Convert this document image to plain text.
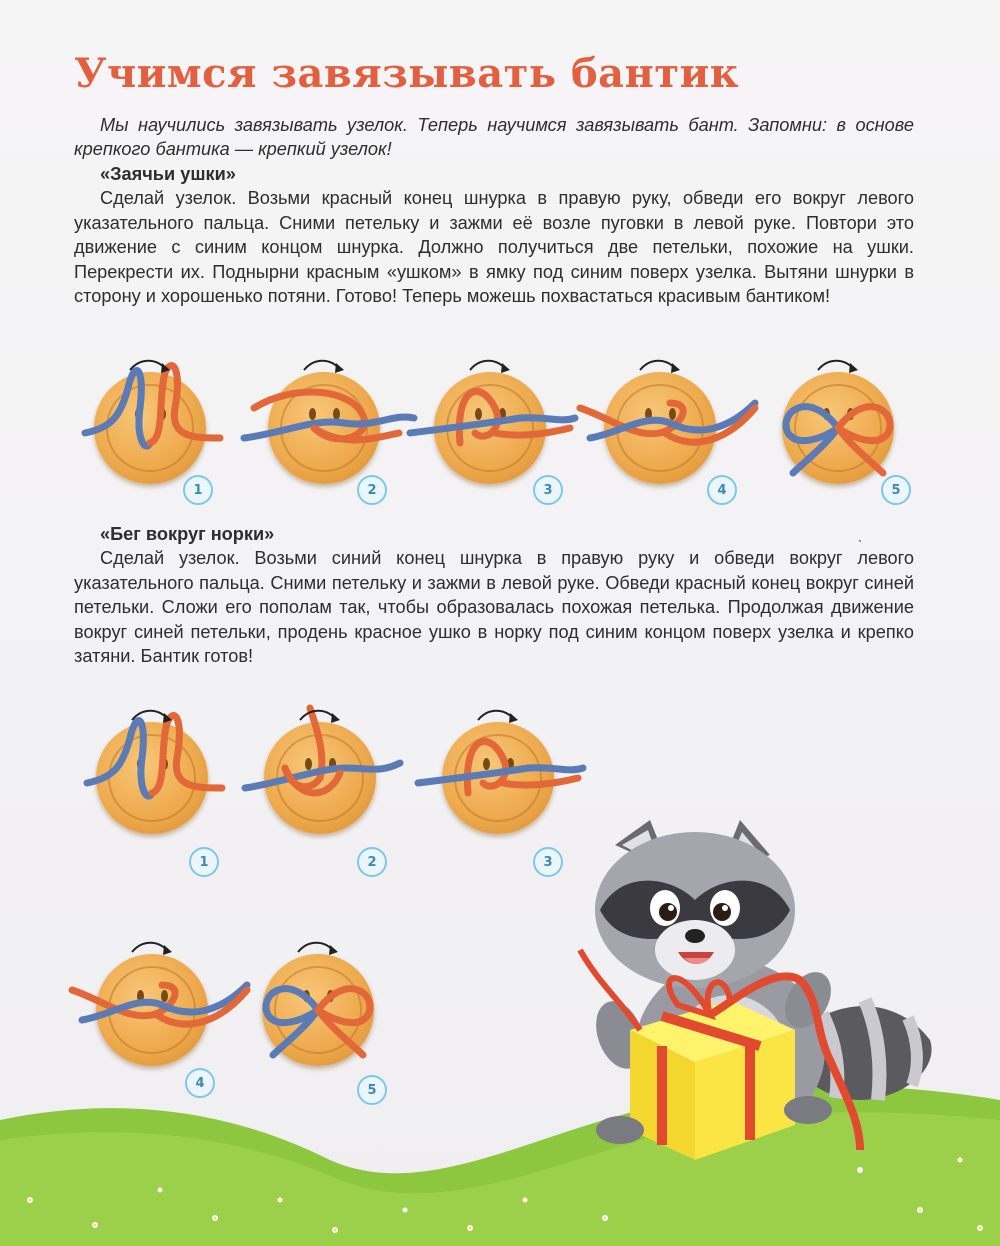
Учимся завязывать бантик

Мы научились завязывать узелок. Теперь научимся завязывать бант. Запомни: в основе крепкого бантика — крепкий узелок!

«Заячьи ушки»

Сделай узелок. Возьми красный конец шнурка в правую руку, обведи его вокруг левого указательного пальца. Сними петельку и зажми её возле пуговки в левой руке. Повтори это движение с синим концом шнурка. Должно получиться две петельки, похожие на ушки. Перекрести их. Поднырни красным «ушком» в ямку под синим поверх узелка. Вытяни шнурки в сторону и хорошенько потяни. Готово! Теперь можешь похвастаться красивым бантиком!

«Бег вокруг норки»

Сделай узелок. Возьми синий конец шнурка в правую руку и обведи вокруг левого указательного пальца. Сними петельку и зажми в левой руке. Обведи красный конец вокруг синей петельки. Сложи его пополам так, чтобы образовалась похожая петелька. Продолжая движение вокруг синей петельки, продень красное ушко в норку под синим концом поверх узелка и крепко затяни. Бантик готов!

ˎ
1	2	3	4	5
1	2	3
4	5
